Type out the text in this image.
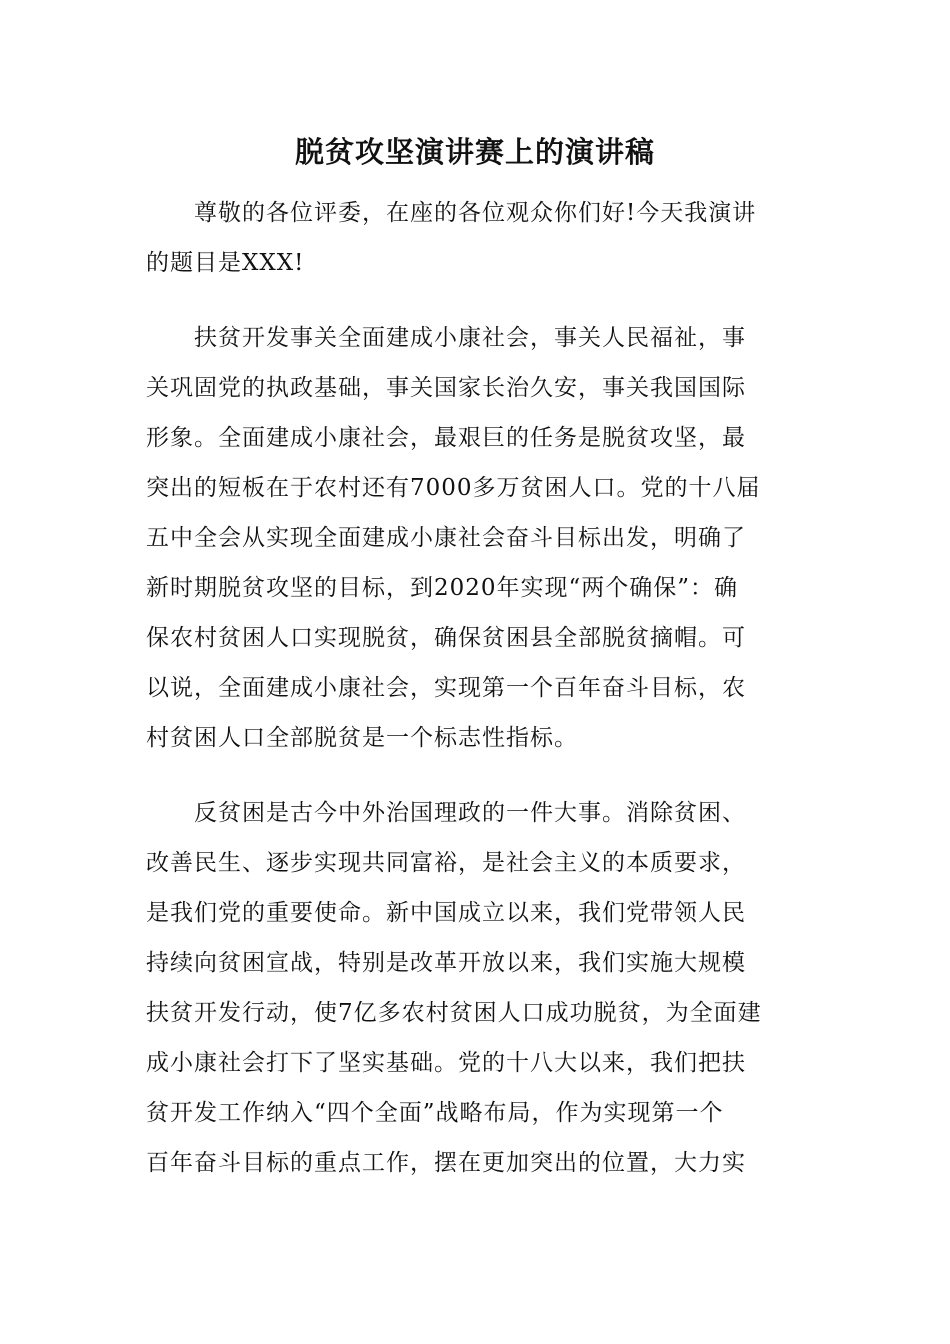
脱贫攻坚演讲赛上的演讲稿

尊敬的各位评委，在座的各位观众你们好!今天我演讲
的题目是XXX!

扶贫开发事关全面建成小康社会，事关人民福祉，事
关巩固党的执政基础，事关国家长治久安，事关我国国际
形象。全面建成小康社会，最艰巨的任务是脱贫攻坚，最
突出的短板在于农村还有7000多万贫困人口。党的十八届
五中全会从实现全面建成小康社会奋斗目标出发，明确了
新时期脱贫攻坚的目标，到2020年实现“两个确保”：确
保农村贫困人口实现脱贫，确保贫困县全部脱贫摘帽。可
以说，全面建成小康社会，实现第一个百年奋斗目标，农
村贫困人口全部脱贫是一个标志性指标。

反贫困是古今中外治国理政的一件大事。消除贫困、
改善民生、逐步实现共同富裕，是社会主义的本质要求，
是我们党的重要使命。新中国成立以来，我们党带领人民
持续向贫困宣战，特别是改革开放以来，我们实施大规模
扶贫开发行动，使7亿多农村贫困人口成功脱贫，为全面建
成小康社会打下了坚实基础。党的十八大以来，我们把扶
贫开发工作纳入“四个全面”战略布局，作为实现第一个
百年奋斗目标的重点工作，摆在更加突出的位置，大力实
